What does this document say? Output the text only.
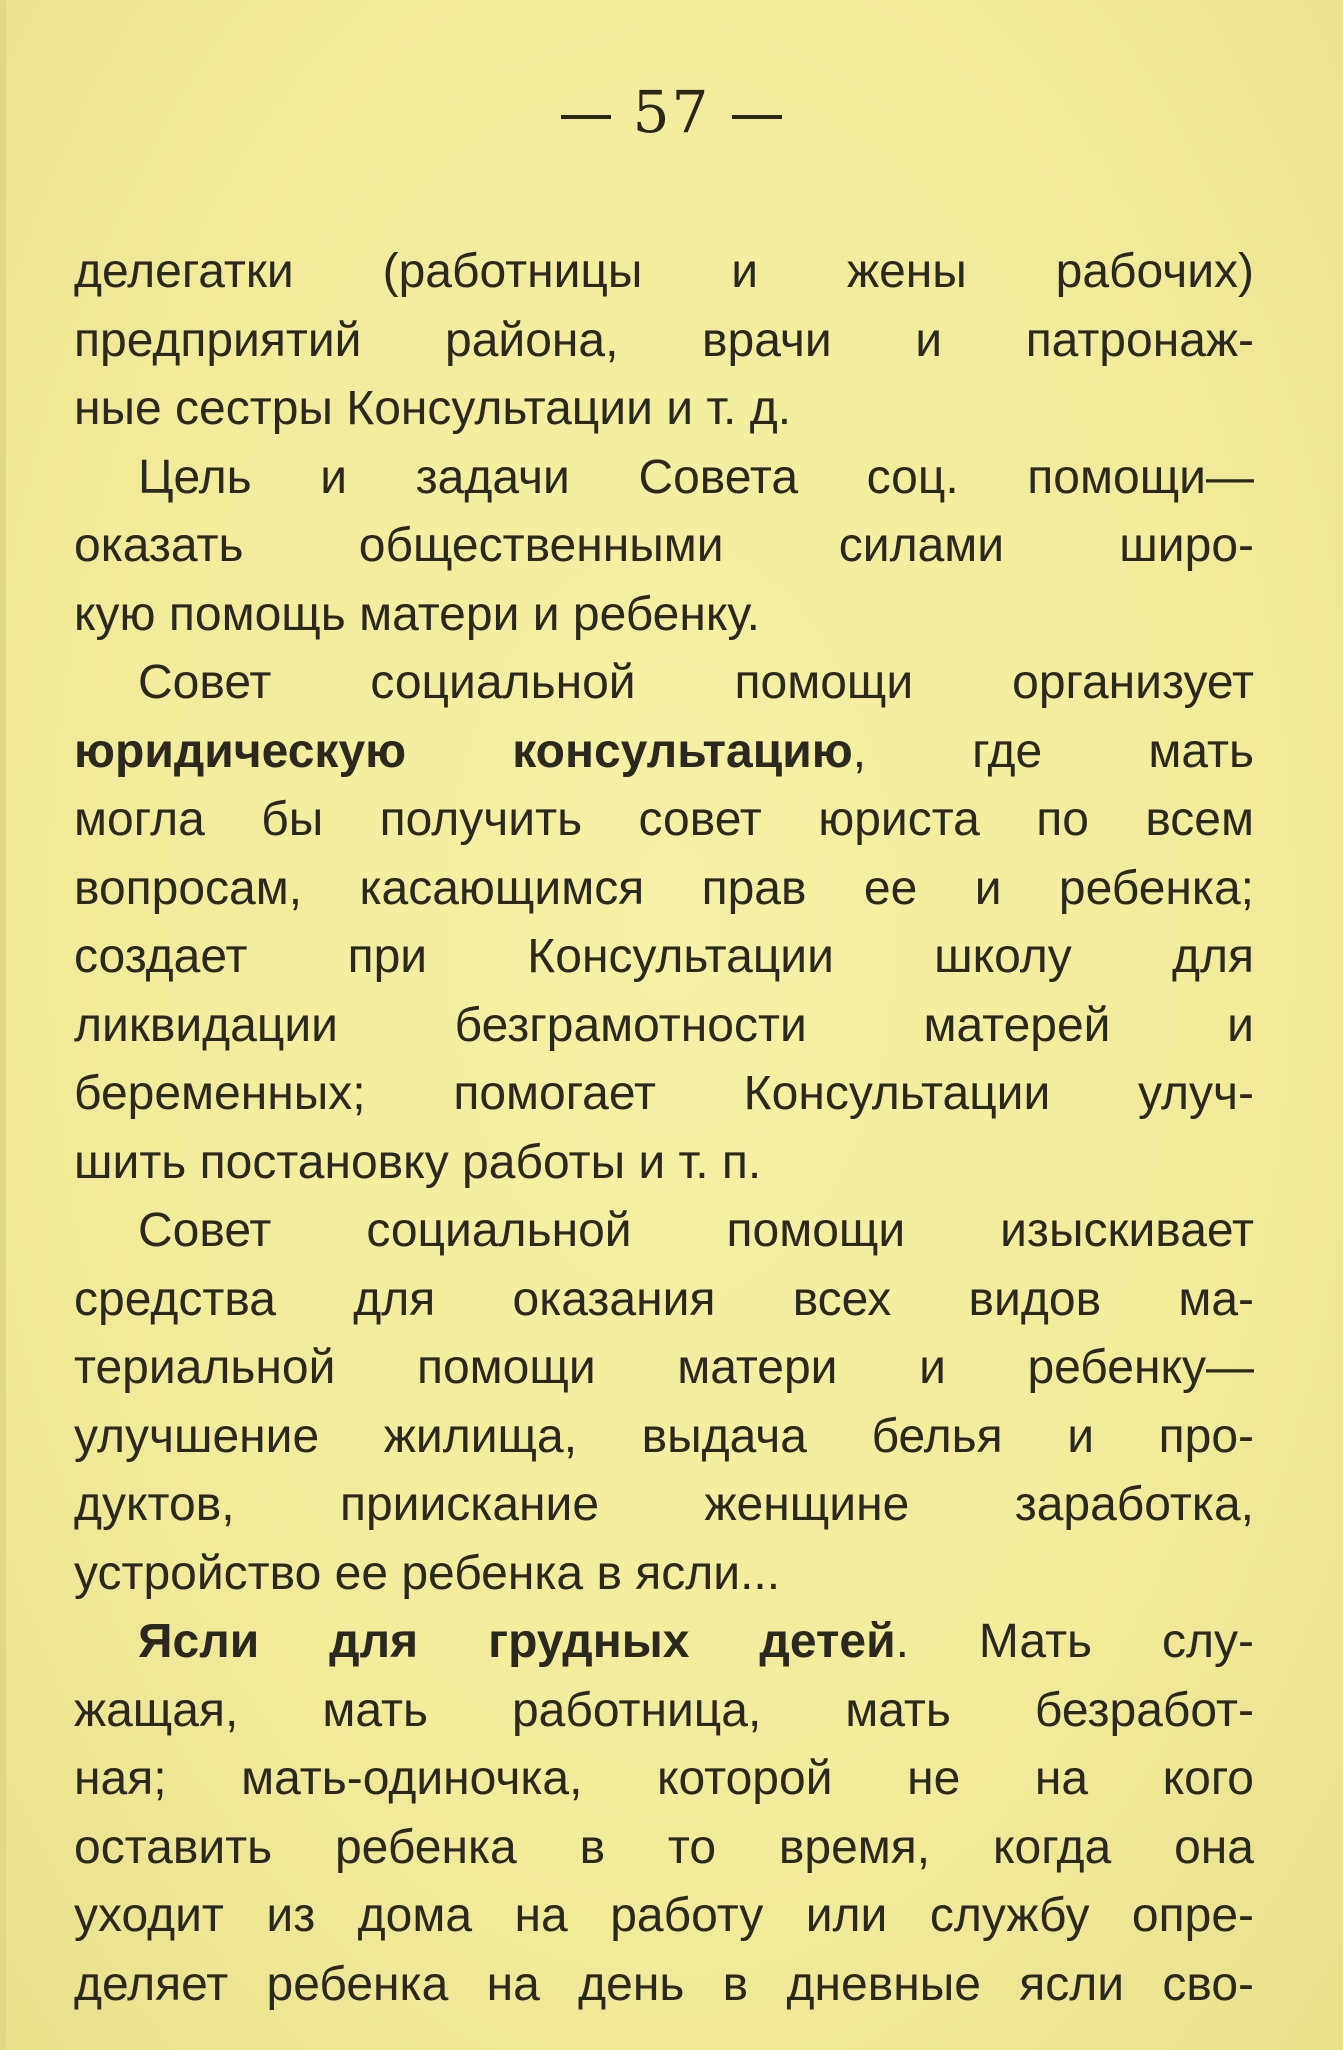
57
делегатки (работницы и жены рабочих)
предприятий района, врачи и патронаж-
ные сестры Консультации и т. д.
Цель и задачи Совета соц. помощи—
оказать общественными силами широ-
кую помощь матери и ребенку.
Совет социальной помощи организует
юридическую консультацию, где мать
могла бы получить совет юриста по всем
вопросам, касающимся прав ее и ребенка;
создает при Консультации школу для
ликвидации безграмотности матерей и
беременных; помогает Консультации улуч-
шить постановку работы и т. п.
Совет социальной помощи изыскивает
средства для оказания всех видов ма-
териальной помощи матери и ребенку—
улучшение жилища, выдача белья и про-
дуктов, приискание женщине заработка,
устройство ее ребенка в ясли...
Ясли для грудных детей. Мать слу-
жащая, мать работница, мать безработ-
ная; мать-одиночка, которой не на кого
оставить ребенка в то время, когда она
уходит из дома на работу или службу опре-
деляет ребенка на день в дневные ясли сво-
